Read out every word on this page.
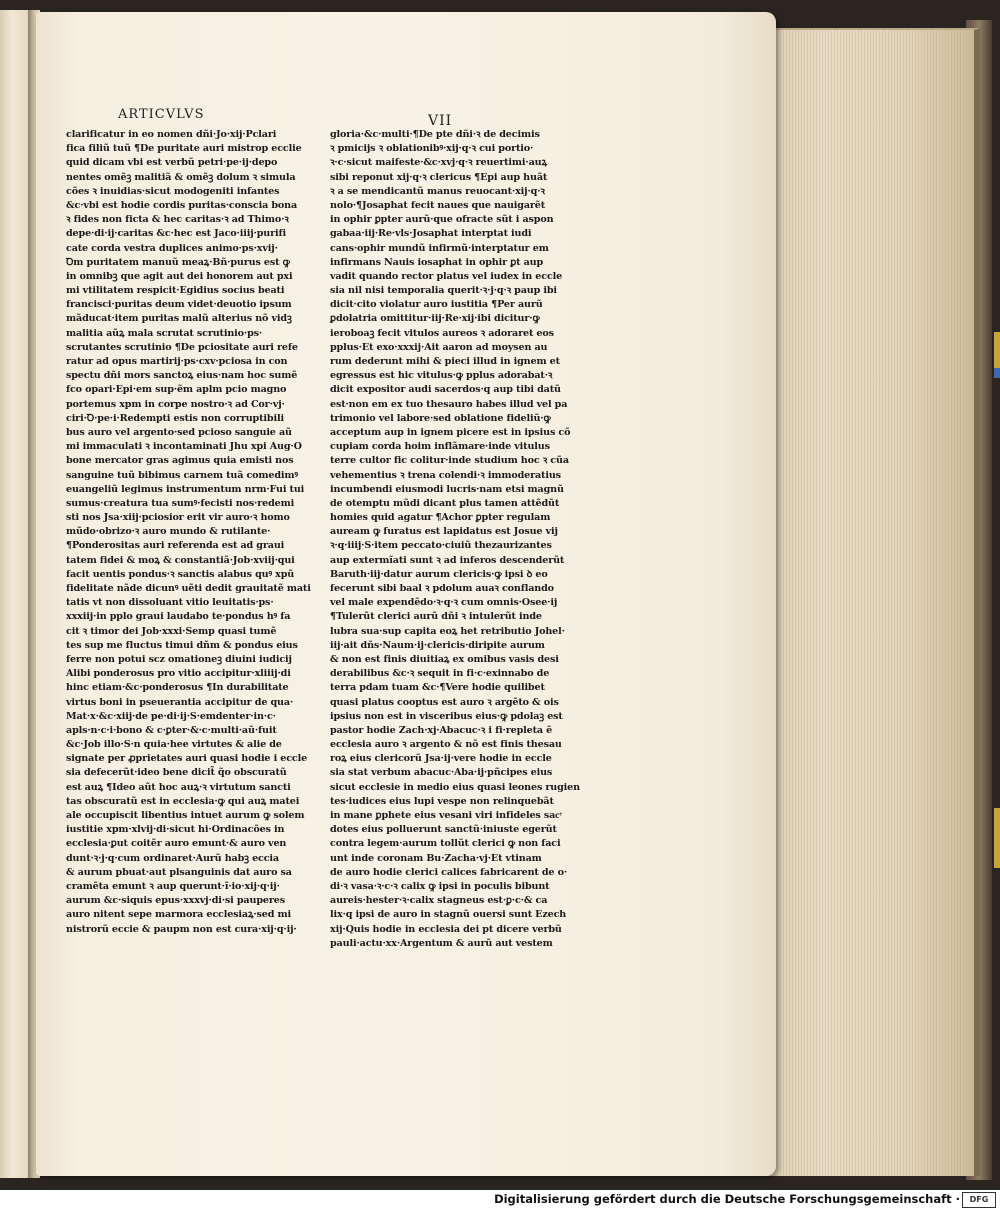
ARTICVLVS	VII
clarificatur in eo nomen dñi·Jo·xij·Pclari
fica filiũ tuũ ¶De puritate auri mistrop ecclie
quid dicam vbi est verbũ petri·pe·ij·depo
nentes omẽꝫ malitiã & omẽꝫ dolum ꝛ simula
cões ꝛ inuidias·sicut modogeniti infantes
&c·vbi est hodie cordis puritas·conscia bona
ꝛ fides non ficta & hec caritas·ꝛ ad Thimo·ꝛ
depe·di·ij·caritas &c·hec est Jaco·iiij·purifi
cate corda vestra duplices animo·ps·xvij·
Ꝺm puritatem manuũ meaꝝ·Bñ·purus est ꝙ
in omnibꝫ que agit aut dei honorem aut pxi
mi vtilitatem respicit·Egidius socius beati
francisci·puritas deum videt·deuotio ipsum
mãducat·item puritas malũ alterius nõ vidꝫ
malitia aũꝝ mala scrutat scrutinio·ps·
scrutantes scrutinio ¶De pciositate auri refe
ratur ad opus martirij·ps·cxv·pciosa in con
spectu dñi mors sanctoꝝ eius·nam hoc sumẽ
fco opari·Epi·em sup·ẽm aplm pcio magno
portemus xpm in corpe nostro·ꝛ ad Cor·vj·
ciri·Ꝺ·pe·i·Redempti estis non corruptibili
bus auro vel argento·sed pcioso sanguie aũ
mi immaculati ꝛ incontaminati Jhu xpi Aug·O
bone mercator gras agimus quia emisti nos
sanguine tuũ bibimus carnem tuã comedimꝰ
euangeliũ legimus instrumentum nrm·Fui tui
sumus·creatura tua sumꝰ·fecisti nos·redemi
sti nos Jsa·xiij·pciosior erit vir auro·ꝛ homo
mũdo·obrizo·ꝛ auro mundo & rutilante·
¶Ponderositas auri referenda est ad graui
tatem fidei & moꝝ & constantiã·Job·xviij·qui
facit uentis pondus·ꝛ sanctis alabus quꝰ xpũ
fidelitate nãde dicunꝰ uẽti dedit grauitatẽ mati
tatis vt non dissoluant vitio leuitatis·ps·
xxxiij·in pplo graui laudabo te·pondus hꝰ fa
cit ꝛ timor dei Job·xxxi·Semp quasi tumẽ
tes sup me fluctus timui dñm & pondus eius
ferre non potui scz omationeꝫ diuini iudicij
Alibi ponderosus pro vitio accipitur·xliiij·di
hinc etiam·&c·ponderosus ¶In durabilitate
virtus boni in pseuerantia accipitur de qua·
Mat·x·&c·xiij·de pe·di·ij·S·emdenter·in·c·
apls·n·c·i·bono & c·ꝑter·&·c·multi·aũ·fuit
&c·Job illo·S·n quia·hee virtutes & alie de
signate per ꝓprietates auri quasi hodie i eccle
sia defecerũt·ideo bene dicit̃ q̃o obscuratũ
est auꝝ ¶Ideo aũt hoc auꝝ·ꝛ virtutum sancti
tas obscuratũ est in ecclesia·ꝙ qui auꝝ matei
ale occupiscit libentius intuet aurum ꝙ solem
iustitie xpm·xlvij·di·sicut hi·Ordinacões in
ecclesia·ꝑut coitẽr auro emunt·& auro ven
dunt·ꝛ·j·q·cum ordinaret·Aurũ habꝫ eccia
& aurum pbuat·aut plsanguinis dat auro sa
cramẽta emunt ꝛ aup querunt·ĩ·io·xij·q·ij·
aurum &c·siquis epus·xxxvj·di·si pauperes
auro nitent sepe marmora ecclesiaꝝ·sed mi
nistrorũ eccie & paupm non est cura·xij·q·ij·
gloria·&c·multi·¶De pte dñi·ꝛ de decimis
ꝛ pmicijs ꝛ oblationibꝰ·xij·q·ꝛ cui portio·
ꝛ·c·sicut maifeste·&c·xvj·q·ꝛ reuertimi·auꝝ
sibi reponut xij·q·ꝛ clericus ¶Epi aup huãt
ꝛ a se mendicantũ manus reuocant·xij·q·ꝛ
nolo·¶Josaphat fecit naues que nauigarẽt
in ophir ꝑpter aurũ·que ofracte sũt i aspon
gabaa·iij·Re·vls·Josaphat interptat iudi
cans·ophir mundũ infirmũ·interptatur em
infirmans Nauis iosaphat in ophir ꝑt aup
vadit quando rector platus vel iudex in eccle
sia nil nisi temporalia querit·ꝛ·j·q·ꝛ paup ibi
dicit·cito violatur auro iustitia ¶Per aurũ
ꝑdolatria omittitur·iij·Re·xij·ibi dicitur·ꝙ
ieroboaꝫ fecit vitulos aureos ꝛ adoraret eos
pplus·Et exo·xxxij·Ait aaron ad moysen au
rum dederunt mihi & pieci illud in ignem et
egressus est hic vitulus·ꝙ pplus adorabat·ꝛ
dicit expositor audi sacerdos·q aup tibi datũ
est·non em ex tuo thesauro habes illud vel pa
trimonio vel labore·sed oblatione fideliũ·ꝙ
acceptum aup in ignem picere est in ipsius cõ
cupiam corda hoim inflãmare·inde vitulus
terre cultor fic colitur·inde studium hoc ꝛ cũa
vehementius ꝛ trena colendi·ꝛ immoderatius
incumbendi eiusmodi lucris·nam etsi magnũ
de otemptu mũdi dicant plus tamen attẽdũt
homies quid agatur ¶Achor ꝑpter regulam
auream ꝙ furatus est lapidatus est Josue vij
ꝛ·q·iiij·S·item peccato·ciuiũ thezaurizantes
aup extermĩati sunt ꝛ ad inferos descenderũt
Baruth·iij·datur aurum clericis·ꝙ ipsi ꝺ eo
fecerunt sibi baal ꝛ pdolum auaꝛ conflando
vel male expendẽdo·ꝛ·q·ꝛ cum omnis·Osee·ij
¶Tulerũt clerici aurũ dñi ꝛ intulerũt inde
lubra sua·sup capita eoꝝ het retributio Johel·
iij·ait dñs·Naum·ij·clericis·diripite aurum
& non est finis diuitiaꝝ ex omibus vasis desi
derabilibus &c·ꝛ sequit in fi·c·exinnabo de
terra pdam tuam &c·¶Vere hodie quilibet
quasi platus cooptus est auro ꝛ argẽto & ois
ipsius non est in visceribus eius·ꝙ pdolaꝫ est
pastor hodie Zach·xj·Abacuc·ꝛ i fi·repleta ẽ
ecclesia auro ꝛ argento & nõ est finis thesau
roꝝ eius clericorũ Jsa·ij·vere hodie in eccle
sia stat verbum abacuc·Aba·ij·pñcipes eius
sicut ecclesie in medio eius quasi leones rugien
tes·iudices eius lupi vespe non relinquebãt
in mane ꝑphete eius vesani viri infideles sacͤ
dotes eius polluerunt sanctũ·iniuste egerũt
contra legem·aurum tollũt clerici ꝙ non faci
unt inde coronam Bu·Zacha·vj·Et vtinam
de auro hodie clerici calices fabricarent de o·
di·ꝛ vasa·ꝛ·c·ꝛ calix ꝙ ipsi in poculis bibunt
aureis·hester·ꝛ·calix stagneus est·ꝑ·c·& ca
lix·q ipsi de auro in stagnũ ouersi sunt Ezech
xij·Quis hodie in ecclesia dei pt dicere verbũ
pauli·actu·xx·Argentum & aurũ aut vestem
Digitalisierung gefördert durch die Deutsche Forschungsgemeinschaft ·	DFG
